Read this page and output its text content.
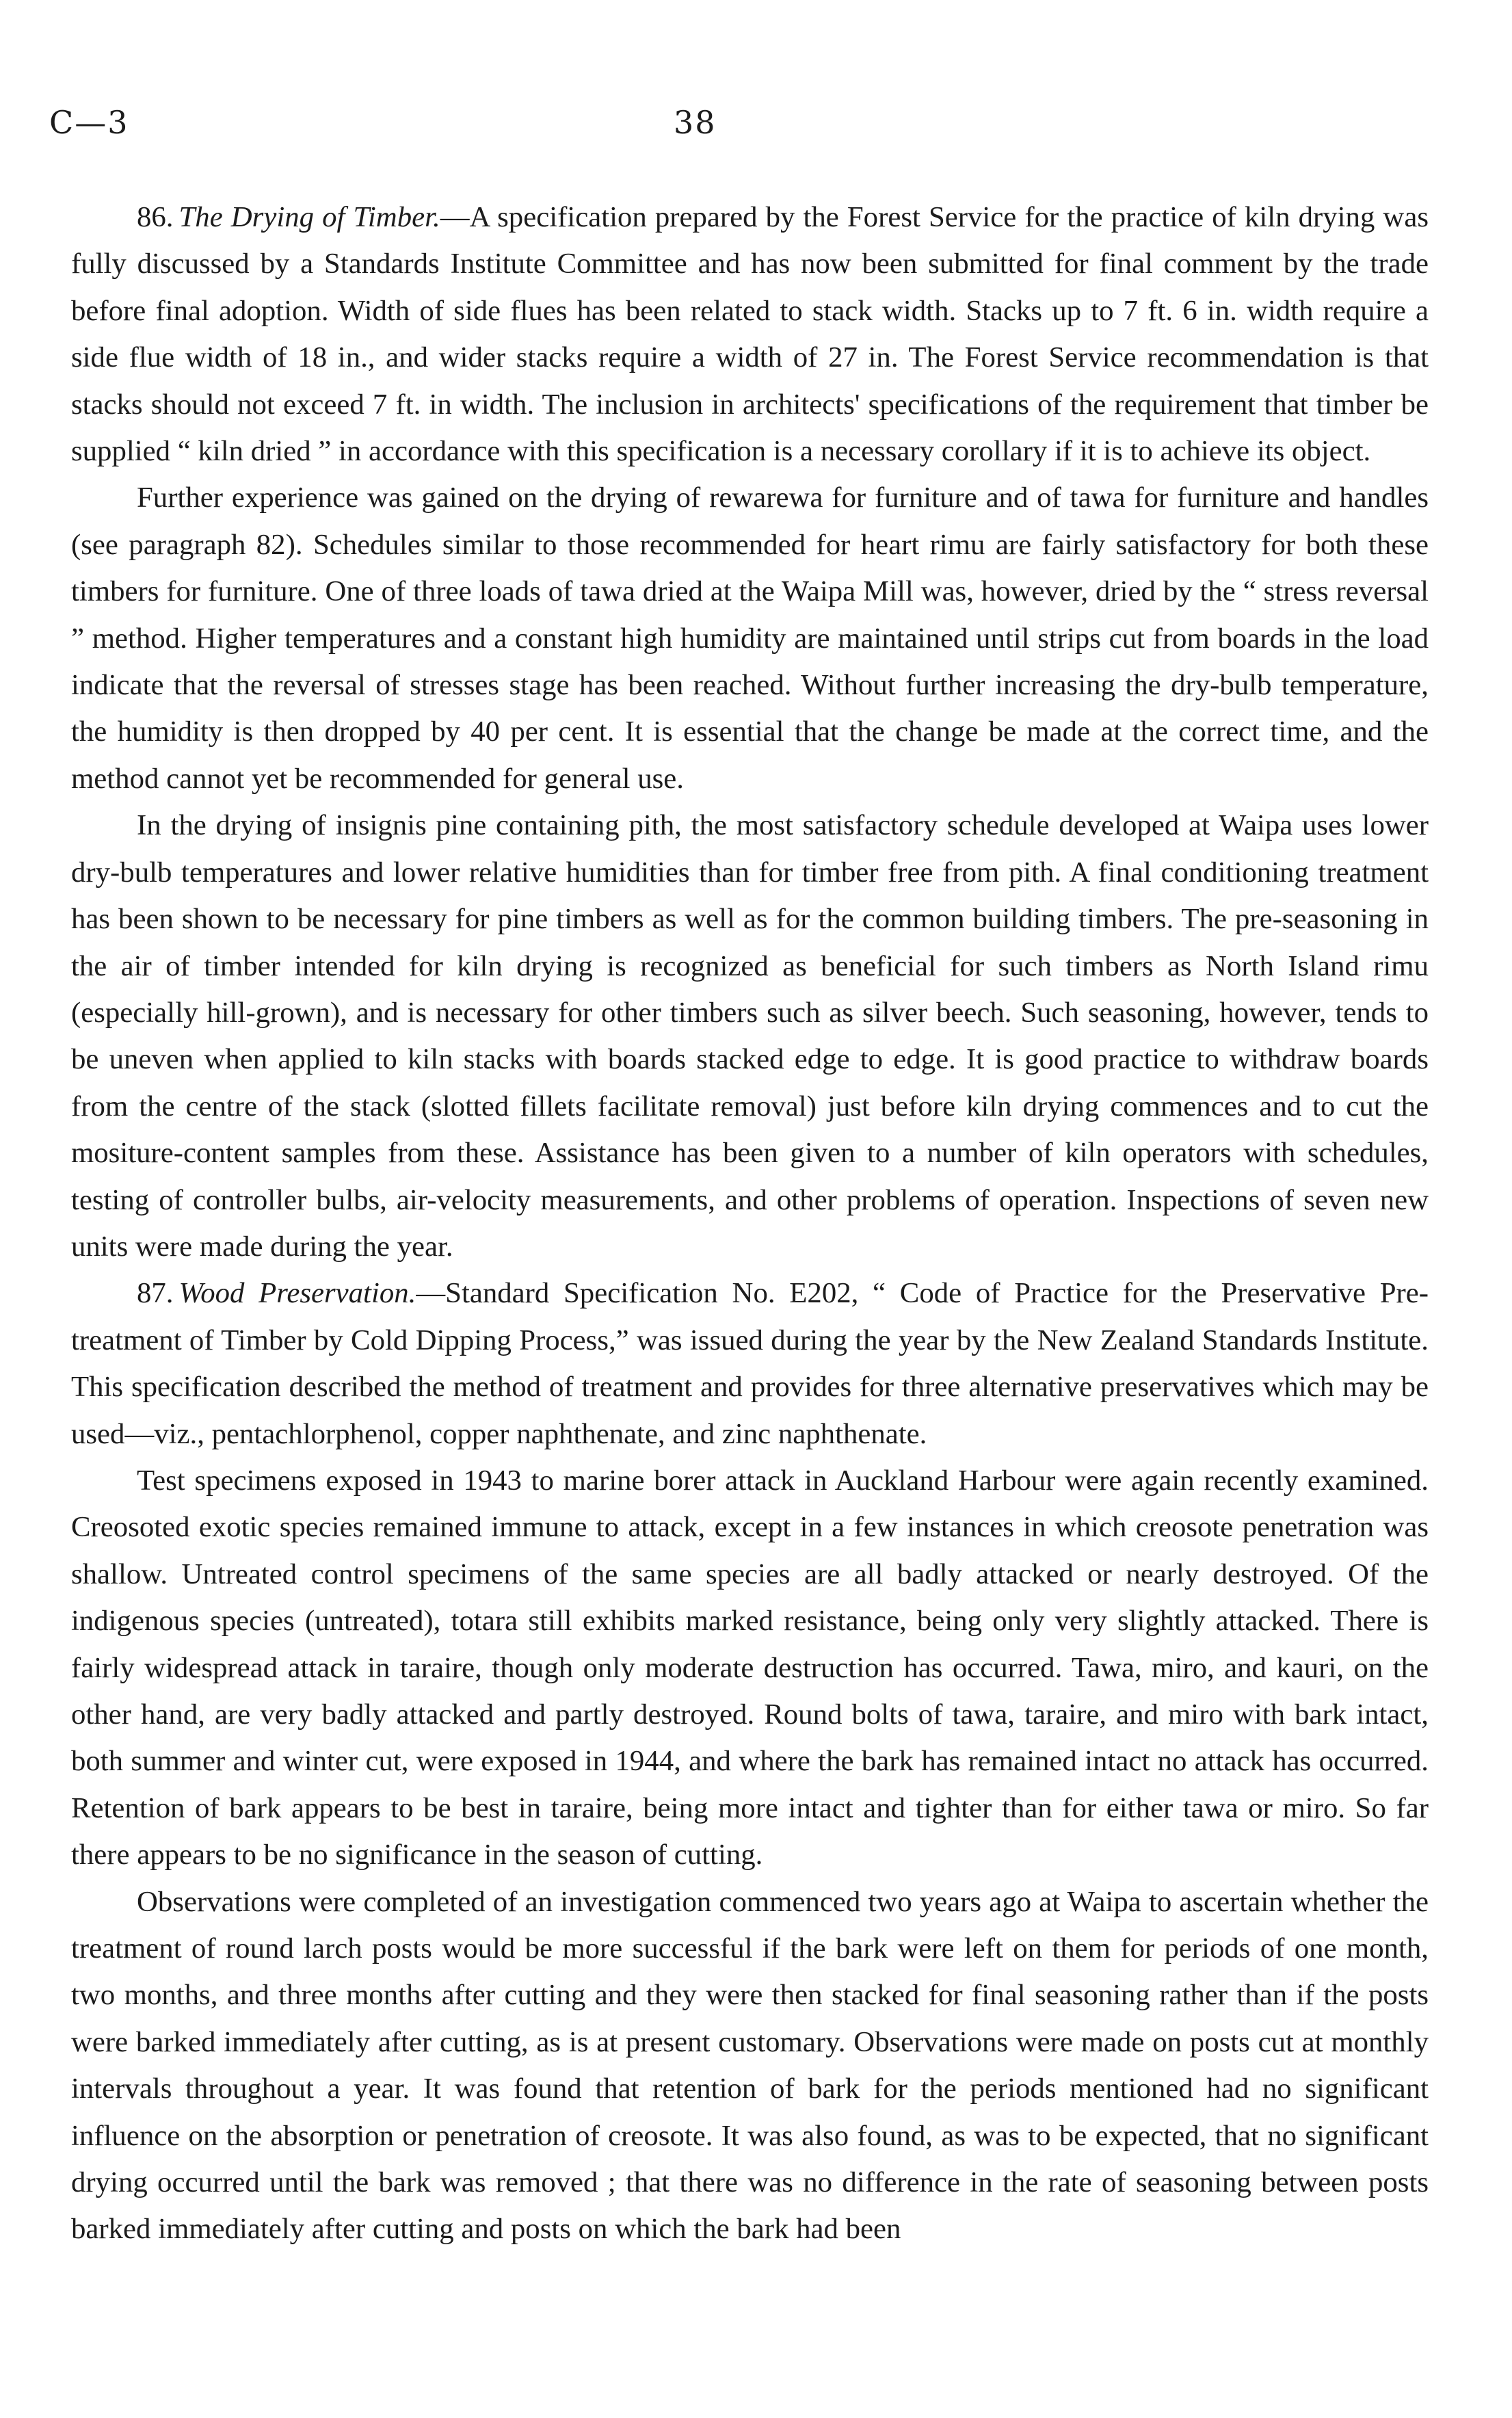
C—3	38

86. The Drying of Timber.—A specification prepared by the Forest Service for the practice of kiln drying was fully discussed by a Standards Institute Committee and has now been submitted for final comment by the trade before final adoption. Width of side flues has been related to stack width. Stacks up to 7 ft. 6 in. width require a side flue width of 18 in., and wider stacks require a width of 27 in. The Forest Service recommendation is that stacks should not exceed 7 ft. in width. The inclusion in architects' specifications of the requirement that timber be supplied “ kiln dried ” in accordance with this specification is a necessary corollary if it is to achieve its object.

Further experience was gained on the drying of rewarewa for furniture and of tawa for furniture and handles (see paragraph 82). Schedules similar to those recommended for heart rimu are fairly satisfactory for both these timbers for furniture. One of three loads of tawa dried at the Waipa Mill was, however, dried by the “ stress reversal ” method. Higher temperatures and a constant high humidity are maintained until strips cut from boards in the load indicate that the reversal of stresses stage has been reached. Without further increasing the dry-bulb temperature, the humidity is then dropped by 40 per cent. It is essential that the change be made at the correct time, and the method cannot yet be recommended for general use.

In the drying of insignis pine containing pith, the most satisfactory schedule developed at Waipa uses lower dry-bulb temperatures and lower relative humidities than for timber free from pith. A final conditioning treatment has been shown to be necessary for pine timbers as well as for the common building timbers. The pre-seasoning in the air of timber intended for kiln drying is recognized as beneficial for such timbers as North Island rimu (especially hill-grown), and is necessary for other timbers such as silver beech. Such seasoning, however, tends to be uneven when applied to kiln stacks with boards stacked edge to edge. It is good practice to withdraw boards from the centre of the stack (slotted fillets facilitate removal) just before kiln drying commences and to cut the mositure-content samples from these. Assistance has been given to a number of kiln operators with schedules, testing of controller bulbs, air-velocity measurements, and other problems of operation. Inspections of seven new units were made during the year.

87. Wood Preservation.—Standard Specification No. E202, “ Code of Practice for the Preservative Pre-treatment of Timber by Cold Dipping Process,” was issued during the year by the New Zealand Standards Institute. This specification described the method of treatment and provides for three alternative preservatives which may be used—viz., pentachlorphenol, copper naphthenate, and zinc naphthenate.

Test specimens exposed in 1943 to marine borer attack in Auckland Harbour were again recently examined. Creosoted exotic species remained immune to attack, except in a few instances in which creosote penetration was shallow. Untreated control specimens of the same species are all badly attacked or nearly destroyed. Of the indigenous species (untreated), totara still exhibits marked resistance, being only very slightly attacked. There is fairly widespread attack in taraire, though only moderate destruction has occurred. Tawa, miro, and kauri, on the other hand, are very badly attacked and partly destroyed. Round bolts of tawa, taraire, and miro with bark intact, both summer and winter cut, were exposed in 1944, and where the bark has remained intact no attack has occurred. Retention of bark appears to be best in taraire, being more intact and tighter than for either tawa or miro. So far there appears to be no significance in the season of cutting.

Observations were completed of an investigation commenced two years ago at Waipa to ascertain whether the treatment of round larch posts would be more successful if the bark were left on them for periods of one month, two months, and three months after cutting and they were then stacked for final seasoning rather than if the posts were barked immediately after cutting, as is at present customary. Observations were made on posts cut at monthly intervals throughout a year. It was found that retention of bark for the periods mentioned had no significant influence on the absorption or penetration of creosote. It was also found, as was to be expected, that no significant drying occurred until the bark was removed ; that there was no difference in the rate of seasoning between posts barked immediately after cutting and posts on which the bark had been
